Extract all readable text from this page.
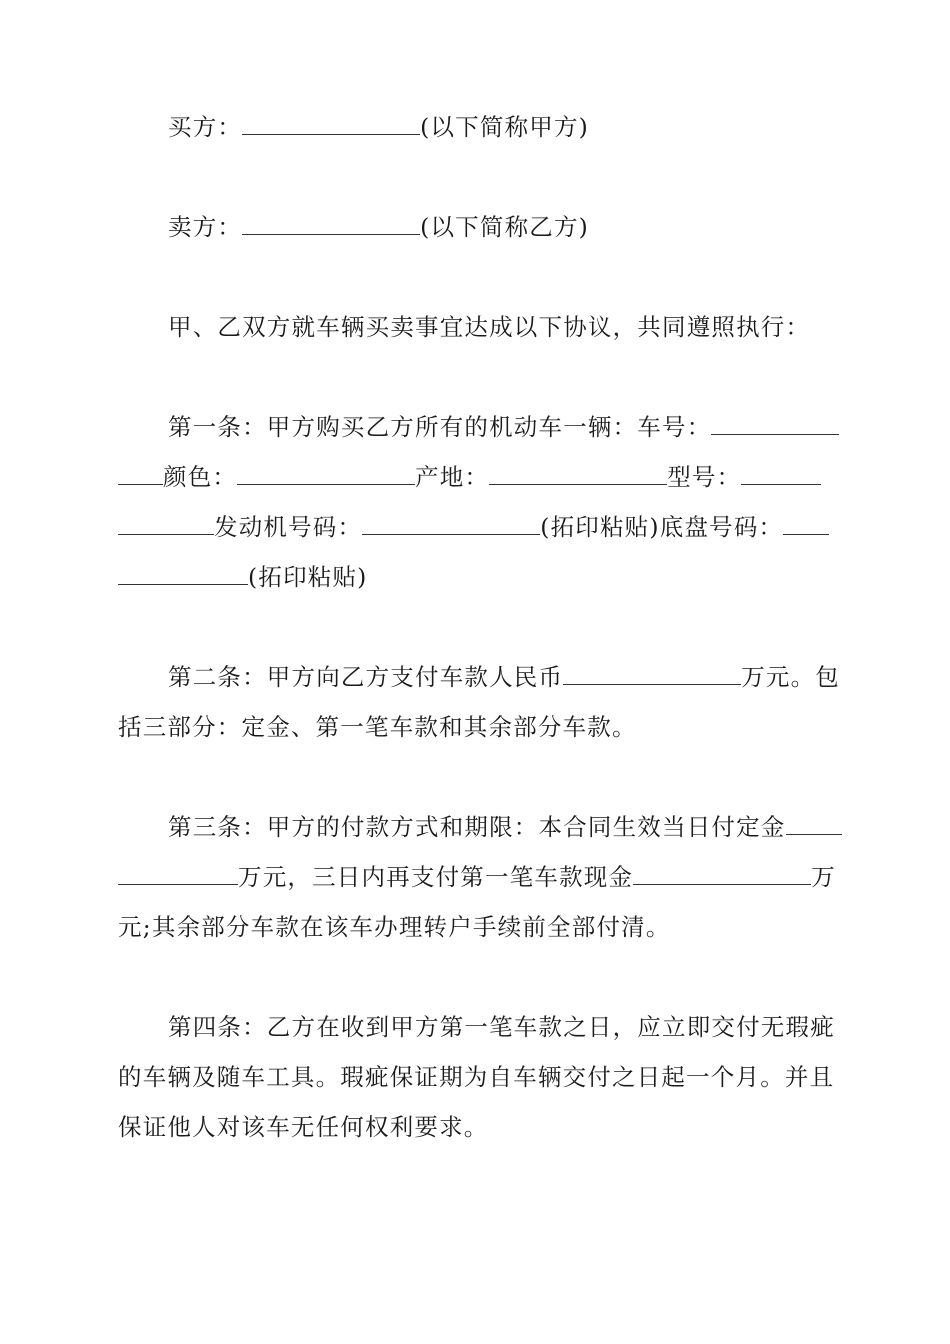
买方：	(以下简称甲方)
卖方：	(以下简称乙方)
甲、乙双方就车辆买卖事宜达成以下协议，共同遵照执行：
第一条：甲方购买乙方所有的机动车一辆：车号：
颜色：	产地：	型号：
发动机号码：	(拓印粘贴)底盘号码：
(拓印粘贴)
第二条：甲方向乙方支付车款人民币	万元。包
括三部分：定金、第一笔车款和其余部分车款。
第三条：甲方的付款方式和期限：本合同生效当日付定金
万元，三日内再支付第一笔车款现金	万
元;其余部分车款在该车办理转户手续前全部付清。
第四条：乙方在收到甲方第一笔车款之日，应立即交付无瑕疵
的车辆及随车工具。瑕疵保证期为自车辆交付之日起一个月。并且
保证他人对该车无任何权利要求。
